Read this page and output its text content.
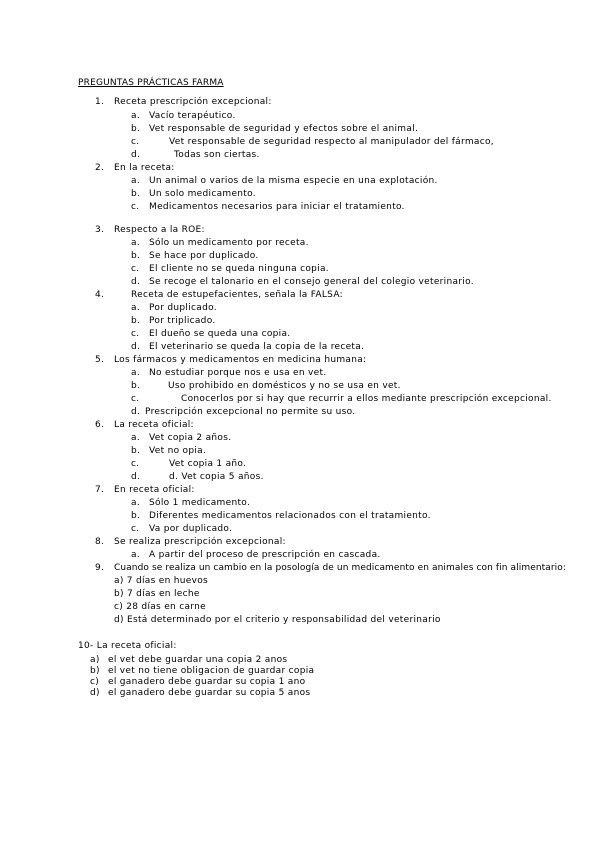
PREGUNTAS PRÁCTICAS FARMA
1. Receta prescripción excepcional:
a. Vacío terapéutico.
b. Vet responsable de seguridad y efectos sobre el animal.
c.	Vet responsable de seguridad respecto al manipulador del fármaco,
d.	Todas son ciertas.
2. En la receta:
a. Un animal o varios de la misma especie en una explotación.
b. Un solo medicamento.
c. Medicamentos necesarios para iniciar el tratamiento.
3. Respecto a la ROE:
a. Sólo un medicamento por receta.
b. Se hace por duplicado.
c. El cliente no se queda ninguna copia.
d. Se recoge el talonario en el consejo general del colegio veterinario.
4.	Receta de estupefacientes, señala la FALSA:
a. Por duplicado.
b. Por triplicado.
c. El dueño se queda una copia.
d. El veterinario se queda la copia de la receta.
5. Los fármacos y medicamentos en medicina humana:
a. No estudiar porque nos e usa en vet.
b.	Uso prohibido en domésticos y no se usa en vet.
c.	Conocerlos por si hay que recurrir a ellos mediante prescripción excepcional.
d. Prescripción excepcional no permite su uso.
6. La receta oficial:
a. Vet copia 2 años.
b. Vet no opia.
c.	Vet copia 1 año.
d.	d. Vet copia 5 años.
7. En receta oficial:
a. Sólo 1 medicamento.
b. Diferentes medicamentos relacionados con el tratamiento.
c. Va por duplicado.
8. Se realiza prescripción excepcional:
a. A partir del proceso de prescripción en cascada.
9. Cuando se realiza un cambio en la posología de un medicamento en animales con fin alimentario:
a) 7 días en huevos
b) 7 días en leche
c) 28 días en carne
d) Está determinado por el criterio y responsabilidad del veterinario
10- La receta oficial:
a) el vet debe guardar una copia 2 anos
b) el vet no tiene obligacion de guardar copia
c) el ganadero debe guardar su copia 1 ano
d) el ganadero debe guardar su copia 5 anos
